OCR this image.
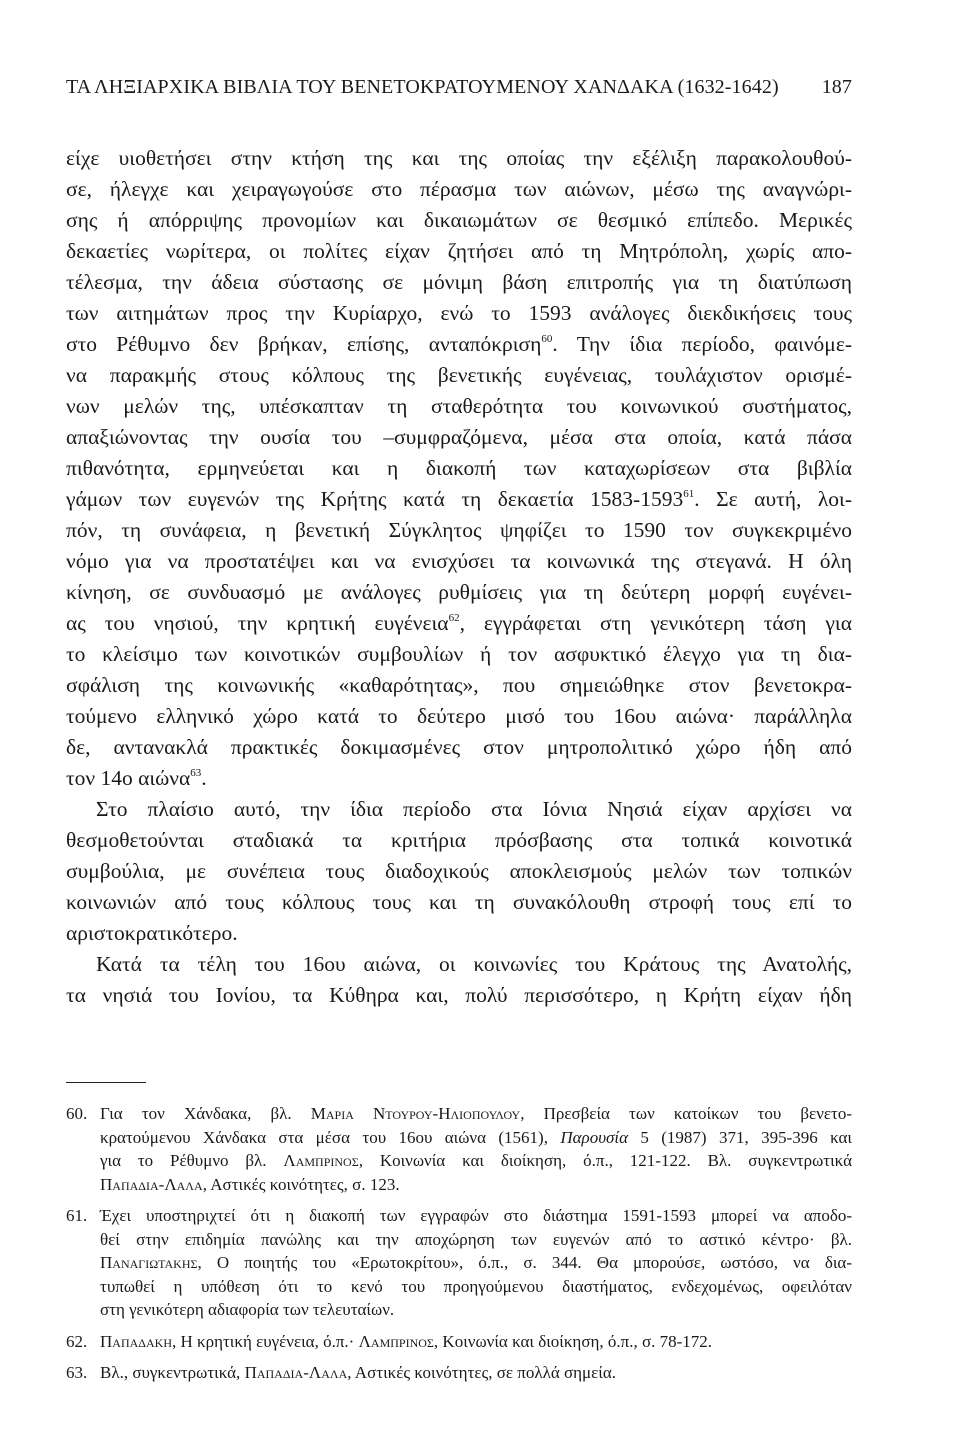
ΤΑ ΛΗΞΙΑΡΧΙΚΑ ΒΙΒΛΙΑ ΤΟΥ ΒΕΝΕΤΟΚΡΑΤΟΥΜΕΝΟΥ ΧΑΝΔΑΚΑ (1632-1642) 187
είχε υιοθετήσει στην κτήση της και της οποίας την εξέλιξη παρακολουθού-
σε, ήλεγχε και χειραγωγούσε στο πέρασμα των αιώνων, μέσω της αναγνώρι-
σης ή απόρριψης προνομίων και δικαιωμάτων σε θεσμικό επίπεδο. Μερικές
δεκαετίες νωρίτερα, οι πολίτες είχαν ζητήσει από τη Μητρόπολη, χωρίς απο-
τέλεσμα, την άδεια σύστασης σε μόνιμη βάση επιτροπής για τη διατύπωση
των αιτημάτων προς την Κυρίαρχο, ενώ το 1593 ανάλογες διεκδικήσεις τους
στο Ρέθυμνο δεν βρήκαν, επίσης, ανταπόκριση$^{60}$. Την ίδια περίοδο, φαινόμε-
να παρακμής στους κόλπους της βενετικής ευγένειας, τουλάχιστον ορισμέ-
νων μελών της, υπέσκαπταν τη σταθερότητα του κοινωνικού συστήματος,
απαξιώνοντας την ουσία του –συμφραζόμενα, μέσα στα οποία, κατά πάσα
πιθανότητα, ερμηνεύεται και η διακοπή των καταχωρίσεων στα βιβλία
γάμων των ευγενών της Κρήτης κατά τη δεκαετία 1583-1593$^{61}$. Σε αυτή, λοι-
πόν, τη συνάφεια, η βενετική Σύγκλητος ψηφίζει το 1590 τον συγκεκριμένο
νόμο για να προστατέψει και να ενισχύσει τα κοινωνικά της στεγανά. Η όλη
κίνηση, σε συνδυασμό με ανάλογες ρυθμίσεις για τη δεύτερη μορφή ευγένει-
ας του νησιού, την κρητική ευγένεια$^{62}$, εγγράφεται στη γενικότερη τάση για
το κλείσιμο των κοινοτικών συμβουλίων ή τον ασφυκτικό έλεγχο για τη δια-
σφάλιση της κοινωνικής «καθαρότητας», που σημειώθηκε στον βενετοκρα-
τούμενο ελληνικό χώρο κατά το δεύτερο μισό του 16ου αιώνα· παράλληλα
δε, αντανακλά πρακτικές δοκιμασμένες στον μητροπολιτικό χώρο ήδη από
τον 14ο αιώνα$^{63}$.
Στο πλαίσιο αυτό, την ίδια περίοδο στα Ιόνια Νησιά είχαν αρχίσει να
θεσμοθετούνται σταδιακά τα κριτήρια πρόσβασης στα τοπικά κοινοτικά
συμβούλια, με συνέπεια τους διαδοχικούς αποκλεισμούς μελών των τοπικών
κοινωνιών από τους κόλπους τους και τη συνακόλουθη στροφή τους επί το
αριστοκρατικότερο.
Κατά τα τέλη του 16ου αιώνα, οι κοινωνίες του Κράτους της Ανατολής,
τα νησιά του Ιονίου, τα Κύθηρα και, πολύ περισσότερο, η Κρήτη είχαν ήδη
60. Για τον Χάνδακα, βλ. Μαρια Ντουρου-Ηλιοπουλου, Πρεσβεία των κατοίκων του βενετο-
κρατούμενου Χάνδακα στα μέσα του 16ου αιώνα (1561), Παρουσία 5 (1987) 371, 395-396 και
για το Ρέθυμνο βλ. Λαμπρινος, Κοινωνία και διοίκηση, ό.π., 121-122. Βλ. συγκεντρωτικά
Παπαδια-Λαλα, Αστικές κοινότητες, σ. 123.
61. Έχει υποστηριχτεί ότι η διακοπή των εγγραφών στο διάστημα 1591-1593 μπορεί να αποδο-
θεί στην επιδημία πανώλης και την αποχώρηση των ευγενών από το αστικό κέντρο· βλ.
Παναγιωτακης, Ο ποιητής του «Ερωτοκρίτου», ό.π., σ. 344. Θα μπορούσε, ωστόσο, να δια-
τυπωθεί η υπόθεση ότι το κενό του προηγούμενου διαστήματος, ενδεχομένως, οφειλόταν
στη γενικότερη αδιαφορία των τελευταίων.
62. Παπαδακη, Η κρητική ευγένεια, ό.π.· Λαμπρινος, Κοινωνία και διοίκηση, ό.π., σ. 78-172.
63. Βλ., συγκεντρωτικά, Παπαδια-Λαλα, Αστικές κοινότητες, σε πολλά σημεία.
